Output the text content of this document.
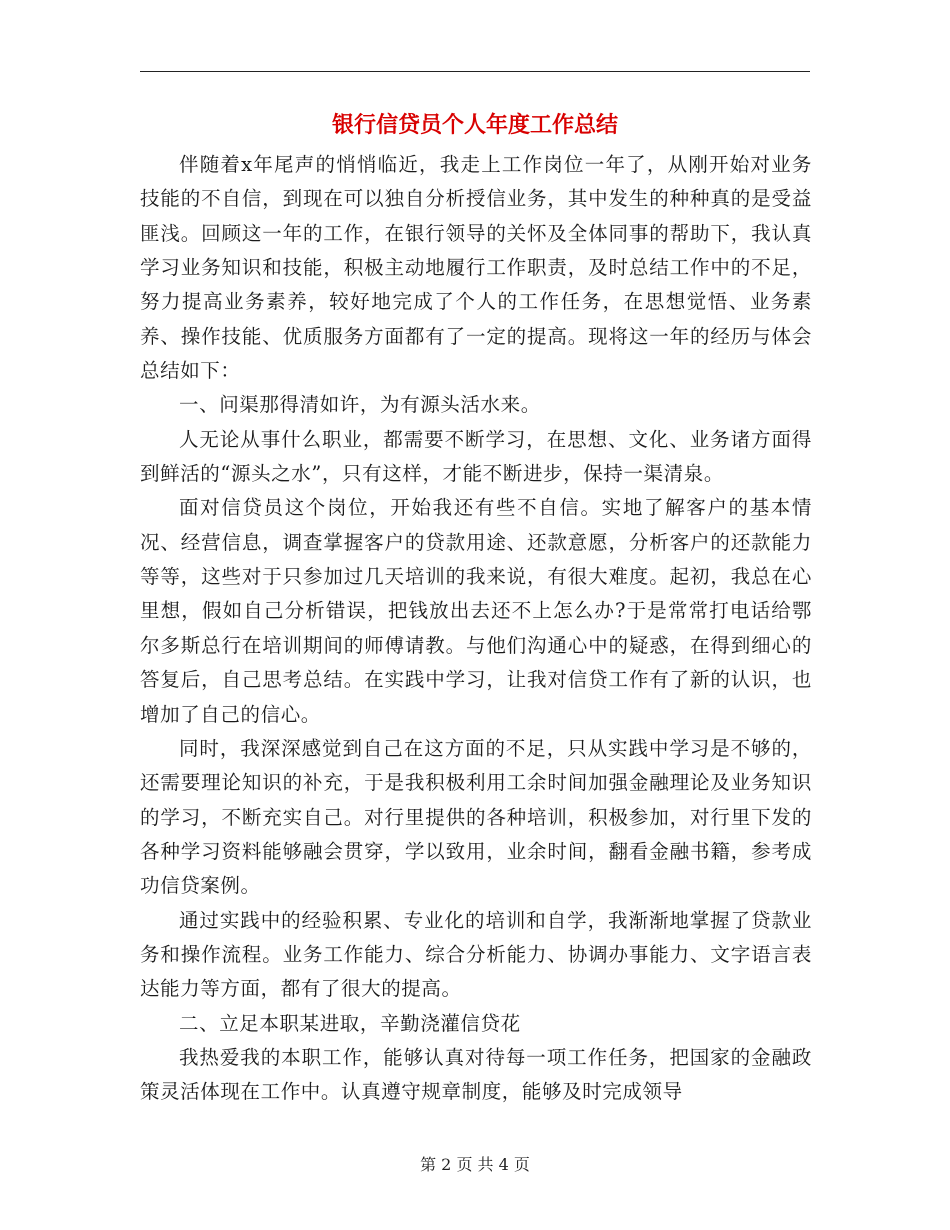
银行信贷员个人年度工作总结

伴随着x年尾声的悄悄临近，我走上工作岗位一年了，从刚开始对业务技能的不自信，到现在可以独自分析授信业务，其中发生的种种真的是受益匪浅。回顾这一年的工作，在银行领导的关怀及全体同事的帮助下，我认真学习业务知识和技能，积极主动地履行工作职责，及时总结工作中的不足，努力提高业务素养，较好地完成了个人的工作任务，在思想觉悟、业务素养、操作技能、优质服务方面都有了一定的提高。现将这一年的经历与体会总结如下：

一、问渠那得清如许，为有源头活水来。

人无论从事什么职业，都需要不断学习，在思想、文化、业务诸方面得到鲜活的“源头之水”，只有这样，才能不断进步，保持一渠清泉。

面对信贷员这个岗位，开始我还有些不自信。实地了解客户的基本情况、经营信息，调查掌握客户的贷款用途、还款意愿，分析客户的还款能力等等，这些对于只参加过几天培训的我来说，有很大难度。起初，我总在心里想，假如自己分析错误，把钱放出去还不上怎么办?于是常常打电话给鄂尔多斯总行在培训期间的师傅请教。与他们沟通心中的疑惑，在得到细心的答复后，自己思考总结。在实践中学习，让我对信贷工作有了新的认识，也增加了自己的信心。

同时，我深深感觉到自己在这方面的不足，只从实践中学习是不够的，还需要理论知识的补充，于是我积极利用工余时间加强金融理论及业务知识的学习，不断充实自己。对行里提供的各种培训，积极参加，对行里下发的各种学习资料能够融会贯穿，学以致用，业余时间，翻看金融书籍，参考成功信贷案例。

通过实践中的经验积累、专业化的培训和自学，我渐渐地掌握了贷款业务和操作流程。业务工作能力、综合分析能力、协调办事能力、文字语言表达能力等方面，都有了很大的提高。

二、立足本职某进取，辛勤浇灌信贷花

我热爱我的本职工作，能够认真对待每一项工作任务，把国家的金融政策灵活体现在工作中。认真遵守规章制度，能够及时完成领导

第 2 页 共 4 页
